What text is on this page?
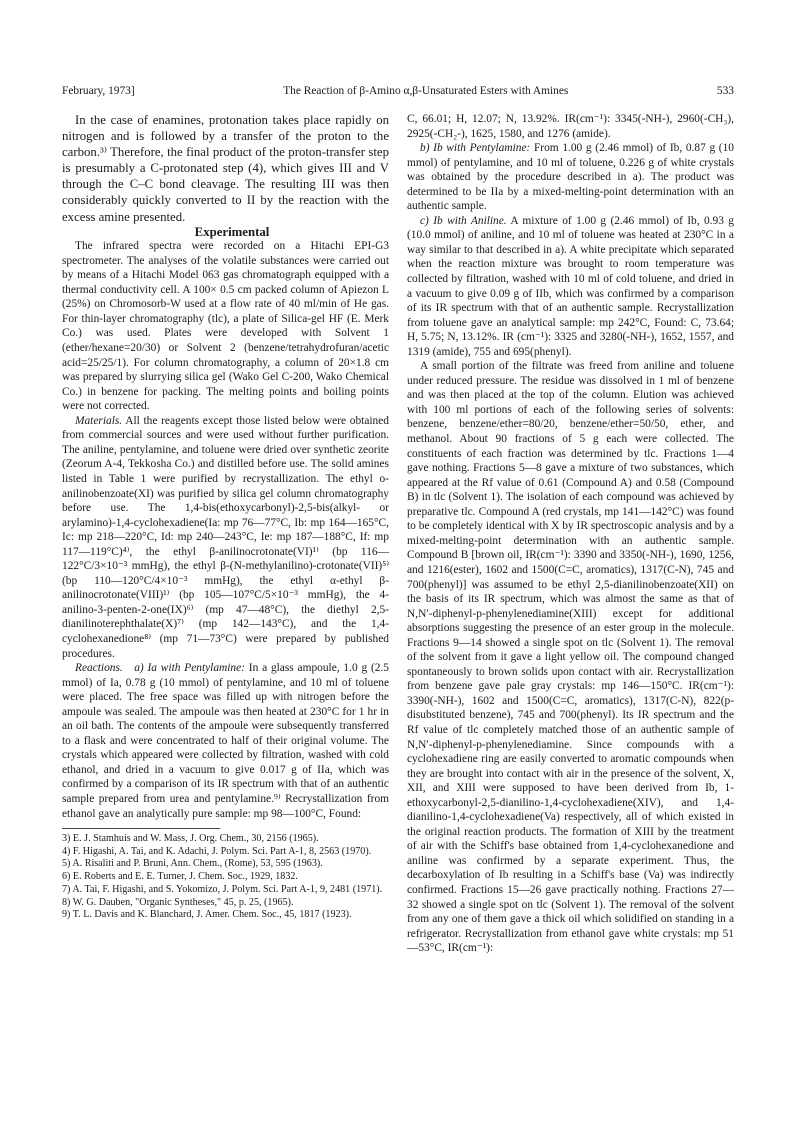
February, 1973]	The Reaction of β-Amino α,β-Unsaturated Esters with Amines	533

In the case of enamines, protonation takes place rapidly on nitrogen and is followed by a transfer of the proton to the carbon.³⁾ Therefore, the final product of the proton-transfer step is presumably a C-protonated step (4), which gives III and V through the C–C bond cleavage. The resulting III was then considerably quickly converted to II by the reaction with the excess amine presented.

Experimental

The infrared spectra were recorded on a Hitachi EPI-G3 spectrometer. The analyses of the volatile substances were carried out by means of a Hitachi Model 063 gas chromatograph equipped with a thermal conductivity cell. A 100× 0.5 cm packed column of Apiezon L (25%) on Chromosorb-W used at a flow rate of 40 ml/min of He gas. For thin-layer chromatography (tlc), a plate of Silica-gel HF (E. Merk Co.) was used. Plates were developed with Solvent 1 (ether/hexane=20/30) or Solvent 2 (benzene/tetrahydrofuran/acetic acid=25/25/1). For column chromatography, a column of 20×1.8 cm was prepared by slurrying silica gel (Wako Gel C-200, Wako Chemical Co.) in benzene for packing. The melting points and boiling points were not corrected.

Materials. All the reagents except those listed below were obtained from commercial sources and were used without further purification. The aniline, pentylamine, and toluene were dried over synthetic zeorite (Zeorum A-4, Tekkosha Co.) and distilled before use. The solid amines listed in Table 1 were purified by recrystallization. The ethyl o-anilinobenzoate(XI) was purified by silica gel column chromatography before use. The 1,4-bis(ethoxycarbonyl)-2,5-bis(alkyl- or arylamino)-1,4-cyclohexadiene(Ia: mp 76—77°C, Ib: mp 164—165°C, Ic: mp 218—220°C, Id: mp 240—243°C, Ie: mp 187—188°C, If: mp 117—119°C)⁴⁾, the ethyl β-anilinocrotonate(VI)¹⁾ (bp 116—122°C/3×10⁻³ mmHg), the ethyl β-(N-methylanilino)-crotonate(VII)⁵⁾ (bp 110—120°C/4×10⁻³ mmHg), the ethyl α-ethyl β-anilinocrotonate(VIII)¹⁾ (bp 105—107°C/5×10⁻³ mmHg), the 4-anilino-3-penten-2-one(IX)⁶⁾ (mp 47—48°C), the diethyl 2,5-dianilinoterephthalate(X)⁷⁾ (mp 142—143°C), and the 1,4-cyclohexanedione⁸⁾ (mp 71—73°C) were prepared by published procedures.

Reactions. a) Ia with Pentylamine: In a glass ampoule, 1.0 g (2.5 mmol) of Ia, 0.78 g (10 mmol) of pentylamine, and 10 ml of toluene were placed. The free space was filled up with nitrogen before the ampoule was sealed. The ampoule was then heated at 230°C for 1 hr in an oil bath. The contents of the ampoule were subsequently transferred to a flask and were concentrated to half of their original volume. The crystals which appeared were collected by filtration, washed with cold ethanol, and dried in a vacuum to give 0.017 g of IIa, which was confirmed by a comparison of its IR spectrum with that of an authentic sample prepared from urea and pentylamine.⁹⁾ Recrystallization from ethanol gave an analytically pure sample: mp 98—100°C, Found:

3) E. J. Stamhuis and W. Mass, J. Org. Chem., 30, 2156 (1965).

4) F. Higashi, A. Tai, and K. Adachi, J. Polym. Sci. Part A-1, 8, 2563 (1970).

5) A. Risaliti and P. Bruni, Ann. Chem., (Rome), 53, 595 (1963).

6) E. Roberts and E. E. Turner, J. Chem. Soc., 1929, 1832.

7) A. Tai, F. Higashi, and S. Yokomizo, J. Polym. Sci. Part A-1, 9, 2481 (1971).

8) W. G. Dauben, "Organic Syntheses," 45, p. 25, (1965).

9) T. L. Davis and K. Blanchard, J. Amer. Chem. Soc., 45, 1817 (1923).

C, 66.01; H, 12.07; N, 13.92%. IR(cm⁻¹): 3345(-NH-), 2960(-CH₃), 2925(-CH₂-), 1625, 1580, and 1276 (amide).

b) Ib with Pentylamine: From 1.00 g (2.46 mmol) of Ib, 0.87 g (10 mmol) of pentylamine, and 10 ml of toluene, 0.226 g of white crystals was obtained by the procedure described in a). The product was determined to be IIa by a mixed-melting-point determination with an authentic sample.

c) Ib with Aniline. A mixture of 1.00 g (2.46 mmol) of Ib, 0.93 g (10.0 mmol) of aniline, and 10 ml of toluene was heated at 230°C in a way similar to that described in a). A white precipitate which separated when the reaction mixture was brought to room temperature was collected by filtration, washed with 10 ml of cold toluene, and dried in a vacuum to give 0.09 g of IIb, which was confirmed by a comparison of its IR spectrum with that of an authentic sample. Recrystallization from toluene gave an analytical sample: mp 242°C, Found: C, 73.64; H, 5.75; N, 13.12%. IR (cm⁻¹): 3325 and 3280(-NH-), 1652, 1557, and 1319 (amide), 755 and 695(phenyl).

A small portion of the filtrate was freed from aniline and toluene under reduced pressure. The residue was dissolved in 1 ml of benzene and was then placed at the top of the column. Elution was achieved with 100 ml portions of each of the following series of solvents: benzene, benzene/ether=80/20, benzene/ether=50/50, ether, and methanol. About 90 fractions of 5 g each were collected. The constituents of each fraction was determined by tlc. Fractions 1—4 gave nothing. Fractions 5—8 gave a mixture of two substances, which appeared at the Rf value of 0.61 (Compound A) and 0.58 (Compound B) in tlc (Solvent 1). The isolation of each compound was achieved by preparative tlc. Compound A (red crystals, mp 141—142°C) was found to be completely identical with X by IR spectroscopic analysis and by a mixed-melting-point determination with an authentic sample. Compound B [brown oil, IR(cm⁻¹): 3390 and 3350(-NH-), 1690, 1256, and 1216(ester), 1602 and 1500(C=C, aromatics), 1317(C-N), 745 and 700(phenyl)] was assumed to be ethyl 2,5-dianilinobenzoate(XII) on the basis of its IR spectrum, which was almost the same as that of N,N′-diphenyl-p-phenylenediamine(XIII) except for additional absorptions suggesting the presence of an ester group in the molecule. Fractions 9—14 showed a single spot on tlc (Solvent 1). The removal of the solvent from it gave a light yellow oil. The compound changed spontaneously to brown solids upon contact with air. Recrystallization from benzene gave pale gray crystals: mp 146—150°C. IR(cm⁻¹): 3390(-NH-), 1602 and 1500(C=C, aromatics), 1317(C-N), 822(p-disubstituted benzene), 745 and 700(phenyl). Its IR spectrum and the Rf value of tlc completely matched those of an authentic sample of N,N′-diphenyl-p-phenylenediamine. Since compounds with a cyclohexadiene ring are easily converted to aromatic compounds when they are brought into contact with air in the presence of the solvent, X, XII, and XIII were supposed to have been derived from Ib, 1-ethoxycarbonyl-2,5-dianilino-1,4-cyclohexadiene(XIV), and 1,4-dianilino-1,4-cyclohexadiene(Va) respectively, all of which existed in the original reaction products. The formation of XIII by the treatment of air with the Schiff's base obtained from 1,4-cyclohexanedione and aniline was confirmed by a separate experiment. Thus, the decarboxylation of Ib resulting in a Schiff's base (Va) was indirectly confirmed. Fractions 15—26 gave practically nothing. Fractions 27—32 showed a single spot on tlc (Solvent 1). The removal of the solvent from any one of them gave a thick oil which solidified on standing in a refrigerator. Recrystallization from ethanol gave white crystals: mp 51—53°C, IR(cm⁻¹):
